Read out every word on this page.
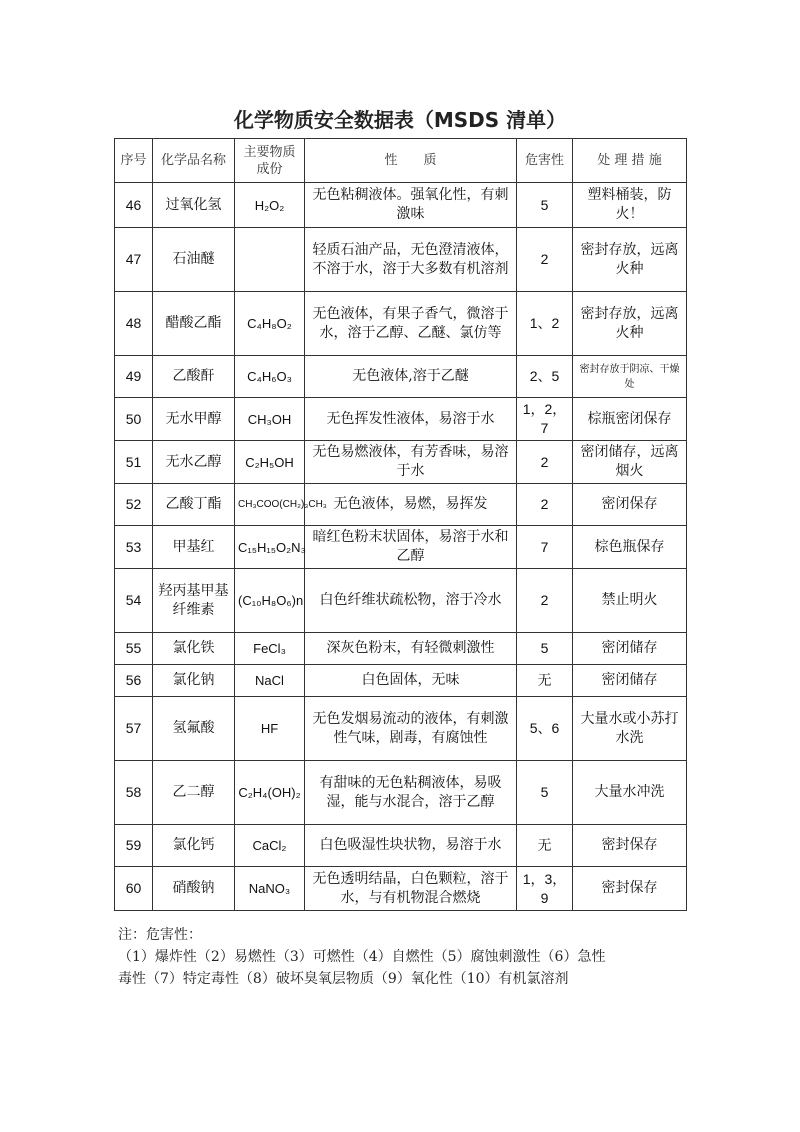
化学物质安全数据表（MSDS 清单）
序号	化学品名称	主要物质成份	性　　质	危害性	处 理 措 施
46	过氧化氢	H₂O₂	无色粘稠液体。强氧化性，有刺激味	5	塑料桶装，防火！
47	石油醚		轻质石油产品，无色澄清液体，不溶于水，溶于大多数有机溶剂	2	密封存放，远离火种
48	醋酸乙酯	C₄H₈O₂	无色液体，有果子香气，微溶于水，溶于乙醇、乙醚、氯仿等	1、2	密封存放，远离火种
49	乙酸酐	C₄H₆O₃	无色液体,溶于乙醚	2、5	密封存放于阴凉、干燥处
50	无水甲醇	CH₃OH	无色挥发性液体，易溶于水	1，2，7	棕瓶密闭保存
51	无水乙醇	C₂H₅OH	无色易燃液体，有芳香味，易溶于水	2	密闭储存，远离烟火
52	乙酸丁酯	CH₃COO(CH₂)₃CH₃	无色液体，易燃，易挥发	2	密闭保存
53	甲基红	C₁₅H₁₅O₂N₃	暗红色粉末状固体，易溶于水和乙醇	7	棕色瓶保存
54	羟丙基甲基纤维素	(C₁₀H₈O₆)n	白色纤维状疏松物，溶于冷水	2	禁止明火
55	氯化铁	FeCl₃	深灰色粉末，有轻微刺激性	5	密闭储存
56	氯化钠	NaCl	白色固体，无味	无	密闭储存
57	氢氟酸	HF	无色发烟易流动的液体，有刺激性气味，剧毒，有腐蚀性	5、6	大量水或小苏打水洗
58	乙二醇	C₂H₄(OH)₂	有甜味的无色粘稠液体，易吸湿，能与水混合，溶于乙醇	5	大量水冲洗
59	氯化钙	CaCl₂	白色吸湿性块状物，易溶于水	无	密封保存
60	硝酸钠	NaNO₃	无色透明结晶，白色颗粒，溶于水，与有机物混合燃烧	1，3，9	密封保存
注：危害性：
（1）爆炸性（2）易燃性（3）可燃性（4）自燃性（5）腐蚀刺激性（6）急性
毒性（7）特定毒性（8）破坏臭氧层物质（9）氧化性（10）有机氯溶剂
